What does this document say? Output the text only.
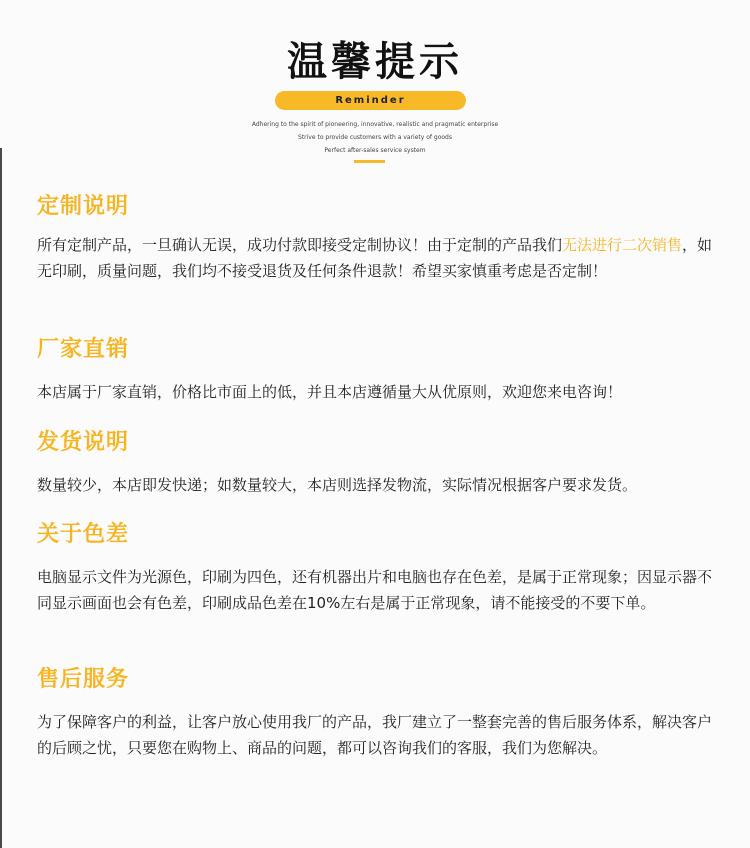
温馨提示
Reminder
Adhering to the spirit of pioneering, innovative, realistic and pragmatic enterprise
Strive to provide customers with a variety of goods
Perfect after-sales service system
定制说明
所有定制产品，一旦确认无误，成功付款即接受定制协议！由于定制的产品我们无法进行二次销售，如无印刷，质量问题，我们均不接受退货及任何条件退款！希望买家慎重考虑是否定制！
厂家直销
本店属于厂家直销，价格比市面上的低，并且本店遵循量大从优原则，欢迎您来电咨询！
发货说明
数量较少，本店即发快递；如数量较大，本店则选择发物流，实际情况根据客户要求发货。
关于色差
电脑显示文件为光源色，印刷为四色，还有机器出片和电脑也存在色差，是属于正常现象；因显示器不同显示画面也会有色差，印刷成品色差在10%左右是属于正常现象，请不能接受的不要下单。
售后服务
为了保障客户的利益，让客户放心使用我厂的产品，我厂建立了一整套完善的售后服务体系，解决客户的后顾之忧，只要您在购物上、商品的问题，都可以咨询我们的客服，我们为您解决。
